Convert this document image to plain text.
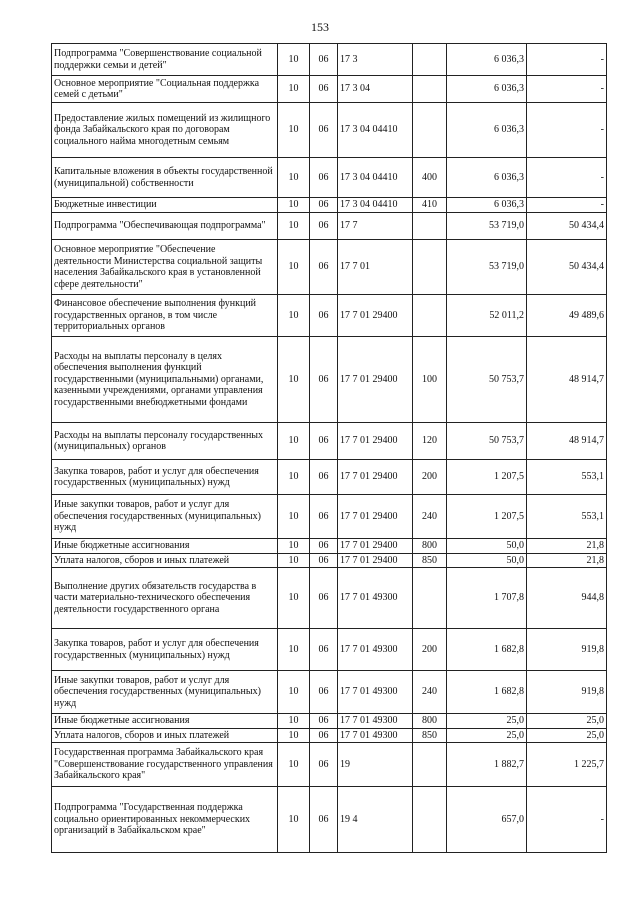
153
Подпрограмма "Совершенствование социальной поддержки семьи и детей"	10	06	17 3		6 036,3	-
Основное мероприятие "Социальная поддержка семей с детьми"	10	06	17 3 04		6 036,3	-
Предоставление жилых помещений из жилищного фонда Забайкальского края по договорам социального найма многодетным семьям	10	06	17 3 04 04410		6 036,3	-
Капитальные вложения в объекты государственной (муниципальной) собственности	10	06	17 3 04 04410	400	6 036,3	-
Бюджетные инвестиции	10	06	17 3 04 04410	410	6 036,3	-
Подпрограмма "Обеспечивающая подпрограмма"	10	06	17 7		53 719,0	50 434,4
Основное мероприятие "Обеспечение деятельности Министерства социальной защиты населения Забайкальского края в установленной сфере деятельности"	10	06	17 7 01		53 719,0	50 434,4
Финансовое обеспечение выполнения функций государственных органов, в том числе территориальных органов	10	06	17 7 01 29400		52 011,2	49 489,6
Расходы на выплаты персоналу в целях обеспечения выполнения функций государственными (муниципальными) органами, казенными учреждениями, органами управления государственными внебюджетными фондами	10	06	17 7 01 29400	100	50 753,7	48 914,7
Расходы на выплаты персоналу государственных (муниципальных) органов	10	06	17 7 01 29400	120	50 753,7	48 914,7
Закупка товаров, работ и услуг для обеспечения государственных (муниципальных) нужд	10	06	17 7 01 29400	200	1 207,5	553,1
Иные закупки товаров, работ и услуг для обеспечения государственных (муниципальных) нужд	10	06	17 7 01 29400	240	1 207,5	553,1
Иные бюджетные ассигнования	10	06	17 7 01 29400	800	50,0	21,8
Уплата налогов, сборов и иных платежей	10	06	17 7 01 29400	850	50,0	21,8
Выполнение других обязательств государства в части материально-технического обеспечения деятельности государственного органа	10	06	17 7 01 49300		1 707,8	944,8
Закупка товаров, работ и услуг для обеспечения государственных (муниципальных) нужд	10	06	17 7 01 49300	200	1 682,8	919,8
Иные закупки товаров, работ и услуг для обеспечения государственных (муниципальных) нужд	10	06	17 7 01 49300	240	1 682,8	919,8
Иные бюджетные ассигнования	10	06	17 7 01 49300	800	25,0	25,0
Уплата налогов, сборов и иных платежей	10	06	17 7 01 49300	850	25,0	25,0
Государственная программа Забайкальского края "Совершенствование государственного управления Забайкальского края"	10	06	19		1 882,7	1 225,7
Подпрограмма "Государственная поддержка социально ориентированных некоммерческих организаций в Забайкальском крае"	10	06	19 4		657,0	-
